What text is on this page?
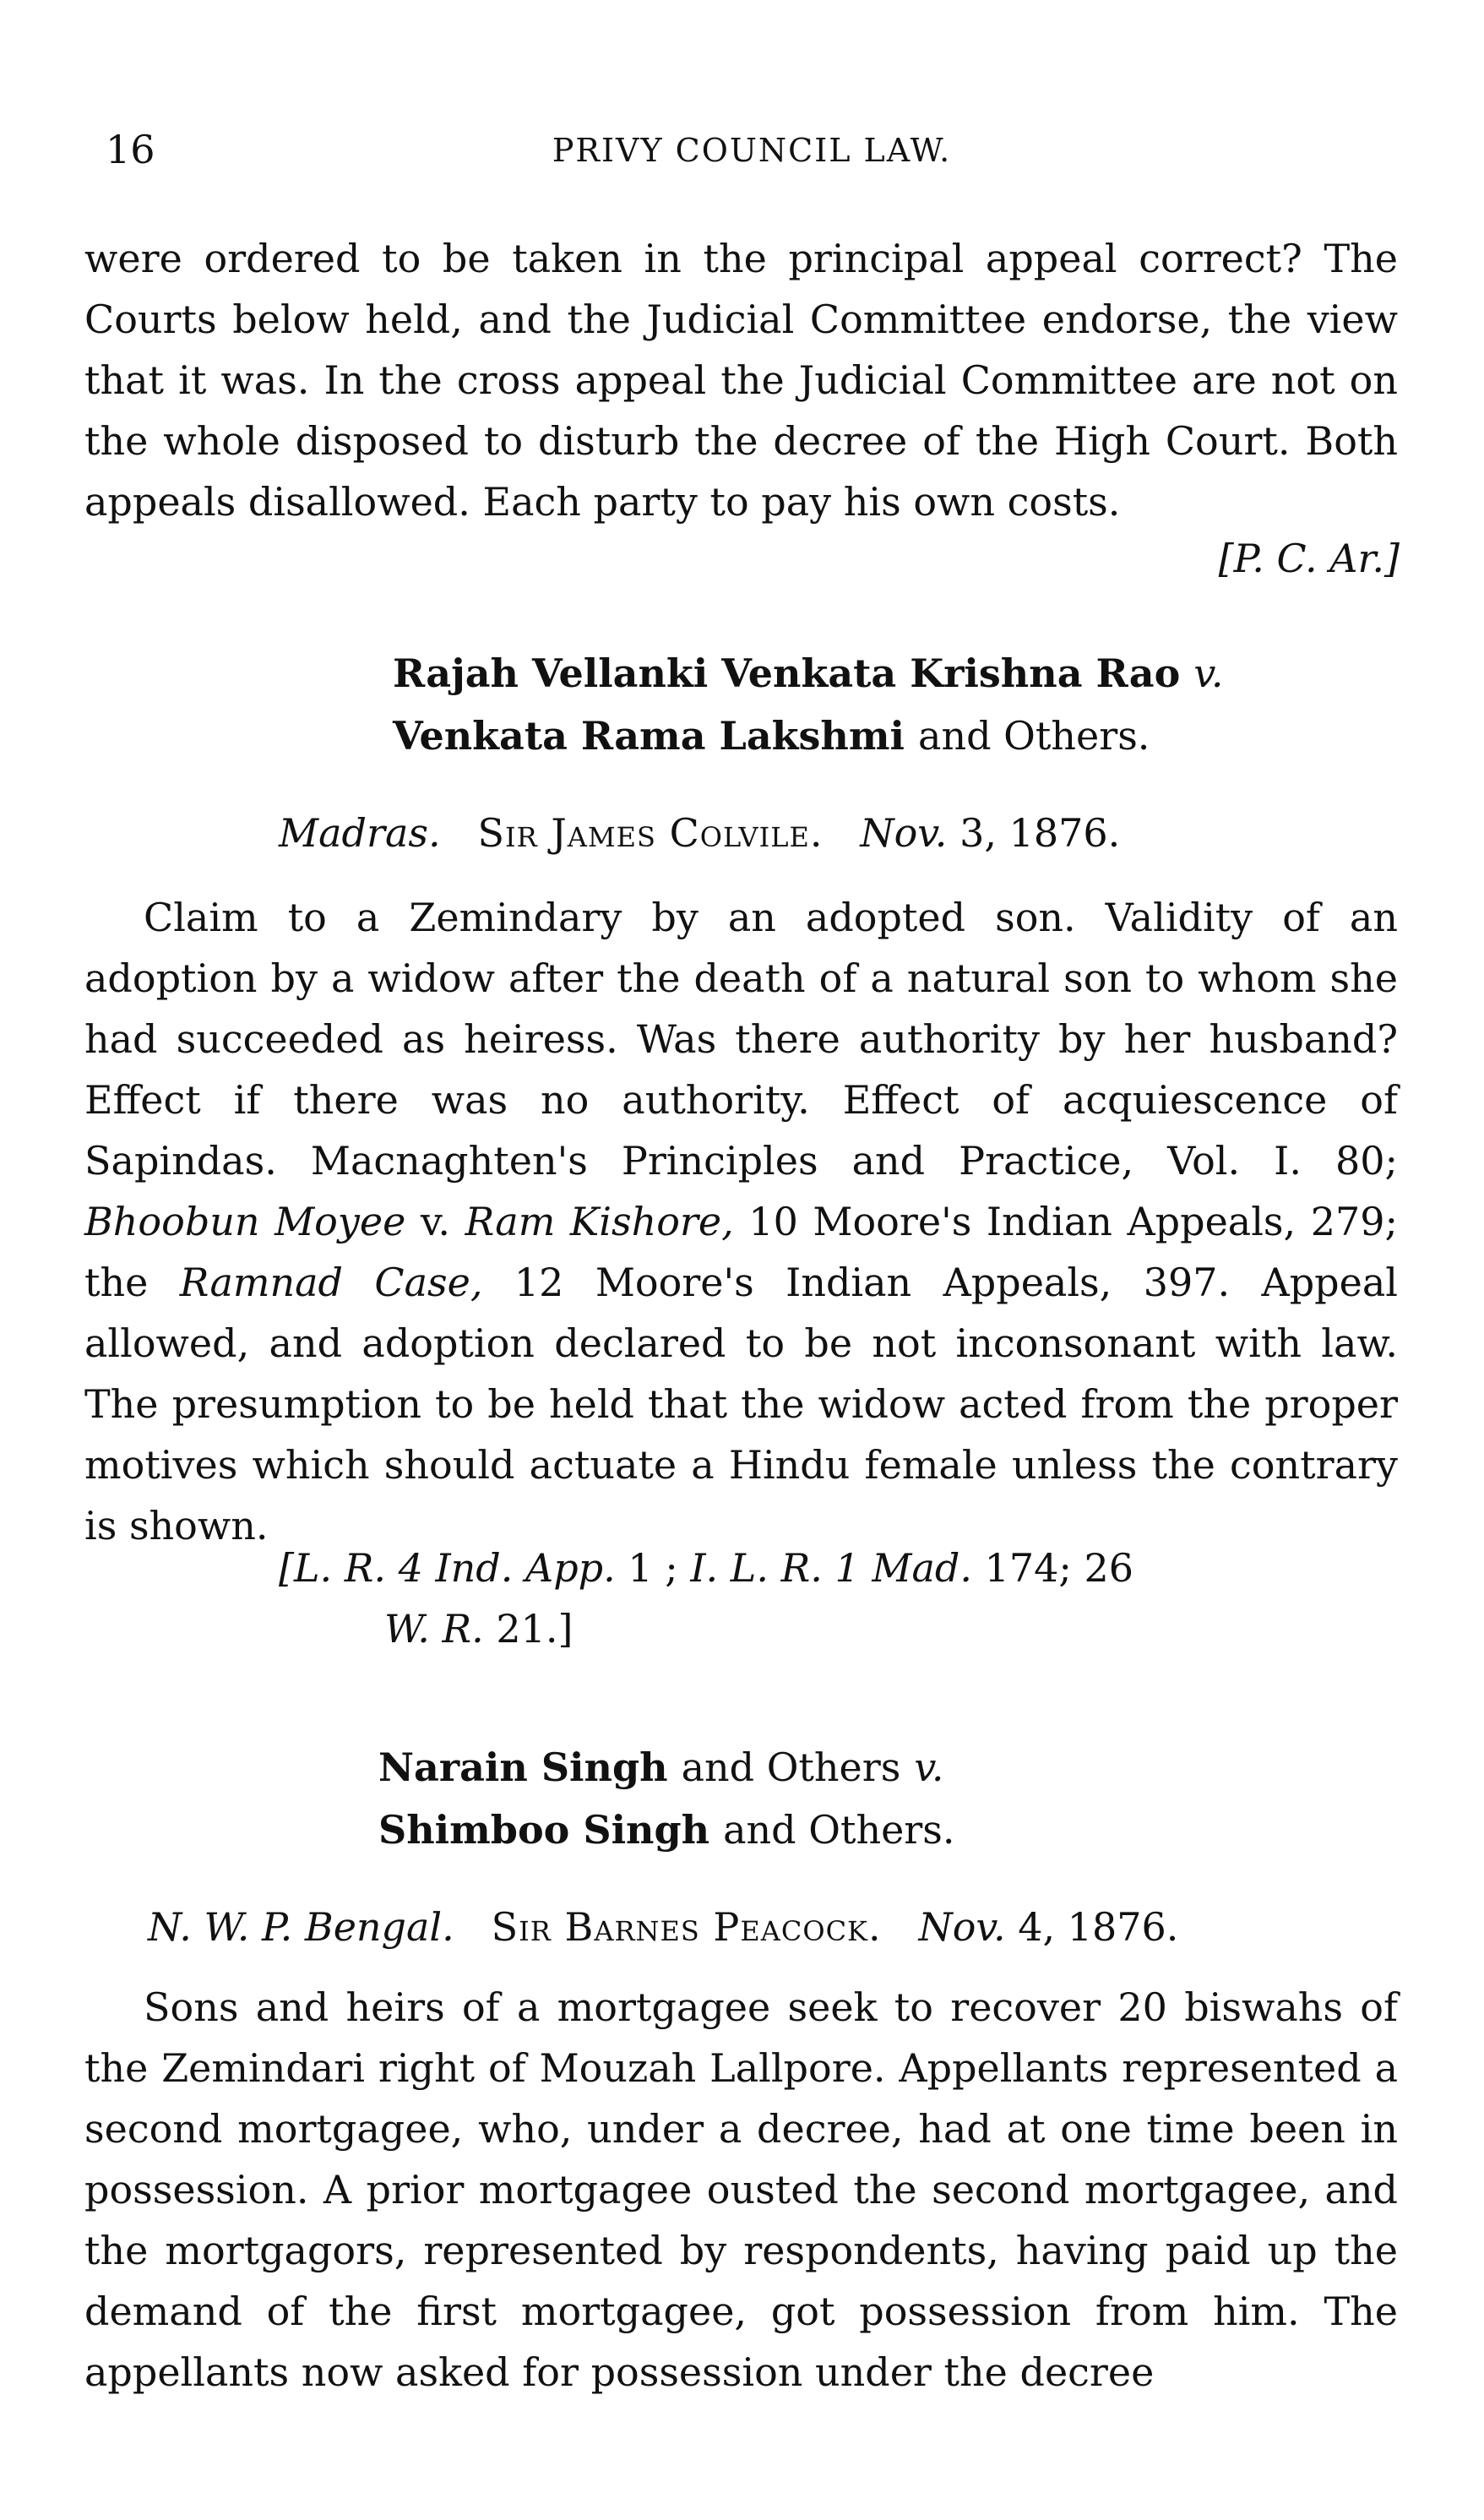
16	PRIVY COUNCIL LAW.

were ordered to be taken in the principal appeal correct? The Courts below held, and the Judicial Committee endorse, the view that it was. In the cross appeal the Judicial Committee are not on the whole disposed to disturb the decree of the High Court. Both appeals disallowed. Each party to pay his own costs.

[P. C. Ar.]

Rajah Vellanki Venkata Krishna Rao v.
Venkata Rama Lakshmi and Others.
Madras. Sir James Colvile. Nov. 3, 1876.

Claim to a Zemindary by an adopted son. Validity of an adoption by a widow after the death of a natural son to whom she had succeeded as heiress. Was there authority by her husband? Effect if there was no authority. Effect of acquiescence of Sapindas. Macnaghten's Principles and Practice, Vol. I. 80; Bhoobun Moyee v. Ram Kishore, 10 Moore's Indian Appeals, 279; the Ramnad Case, 12 Moore's Indian Appeals, 397. Appeal allowed, and adoption declared to be not inconsonant with law. The presumption to be held that the widow acted from the proper motives which should actuate a Hindu female unless the contrary is shown.

[L. R. 4 Ind. App. 1 ; I. L. R. 1 Mad. 174; 26
W. R. 21.]

Narain Singh and Others v.
Shimboo Singh and Others.
N. W. P. Bengal. Sir Barnes Peacock. Nov. 4, 1876.

Sons and heirs of a mortgagee seek to recover 20 biswahs of the Zemindari right of Mouzah Lallpore. Appellants represented a second mortgagee, who, under a decree, had at one time been in possession. A prior mortgagee ousted the second mortgagee, and the mortgagors, represented by respondents, having paid up the demand of the first mortgagee, got possession from him. The appellants now asked for possession under the decree
